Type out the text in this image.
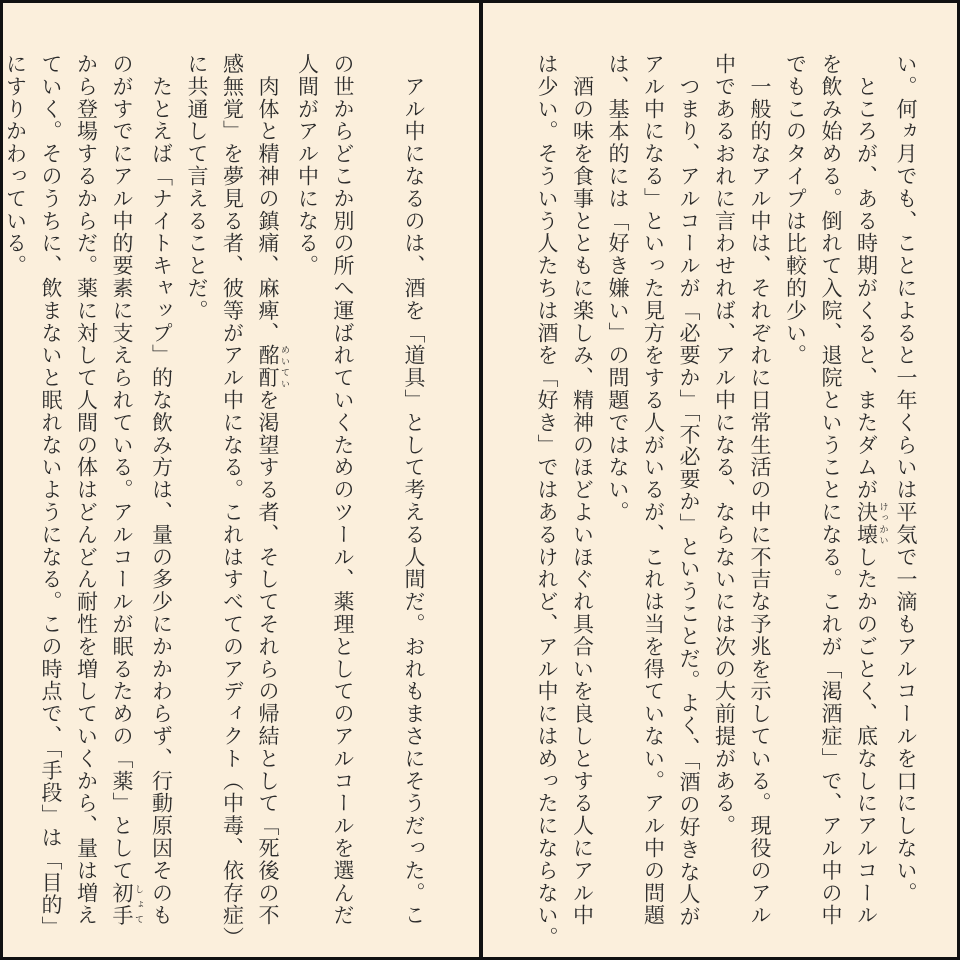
　アル中になるのは、酒を「道具」として考える人間だ。おれもまさにそうだった。こ

の世からどこか別の所へ運ばれていくためのツール、薬理としてのアルコールを選んだ

人間がアル中になる。

　肉体と精神の鎮痛、麻痺、酩酊 めいていを渇望する者、そしてそれらの帰結として「死後の不

感無覚」を夢見る者、彼等がアル中になる。これはすべてのアディクト（中毒、依存症）

に共通して言えることだ。

　たとえば「ナイトキャップ」的な飲み方は、量の多少にかかわらず、行動原因そのも

のがすでにアル中的要素に支えられている。アルコールが眠るための「薬」として初手 しょて

から登場するからだ。薬に対して人間の体はどんどん耐性を増していくから、量は増え

ていく。そのうちに、飲まないと眠れないようになる。この時点で、「手段」は「目的」

にすりかわっている。	い。何ヵ月でも、ことによると一年くらいは平気で一滴もアルコールを口にしない。

　ところが、ある時期がくると、またダムが決壊 けっかいしたかのごとく、底なしにアルコール

を飲み始める。倒れて入院、退院ということになる。これが「渇酒症」で、アル中の中

でもこのタイプは比較的少い。

　一般的なアル中は、それぞれに日常生活の中に不吉な予兆を示している。現役のアル

中であるおれに言わせれば、アル中になる、ならないには次の大前提がある。

　つまり、アルコールが「必要か」「不必要か」ということだ。よく、「酒の好きな人が

アル中になる」といった見方をする人がいるが、これは当を得ていない。アル中の問題

は、基本的には「好き嫌い」の問題ではない。

　酒の味を食事とともに楽しみ、精神のほどよいほぐれ具合いを良しとする人にアル中

は少い。そういう人たちは酒を「好き」ではあるけれど、アル中にはめったにならない。
